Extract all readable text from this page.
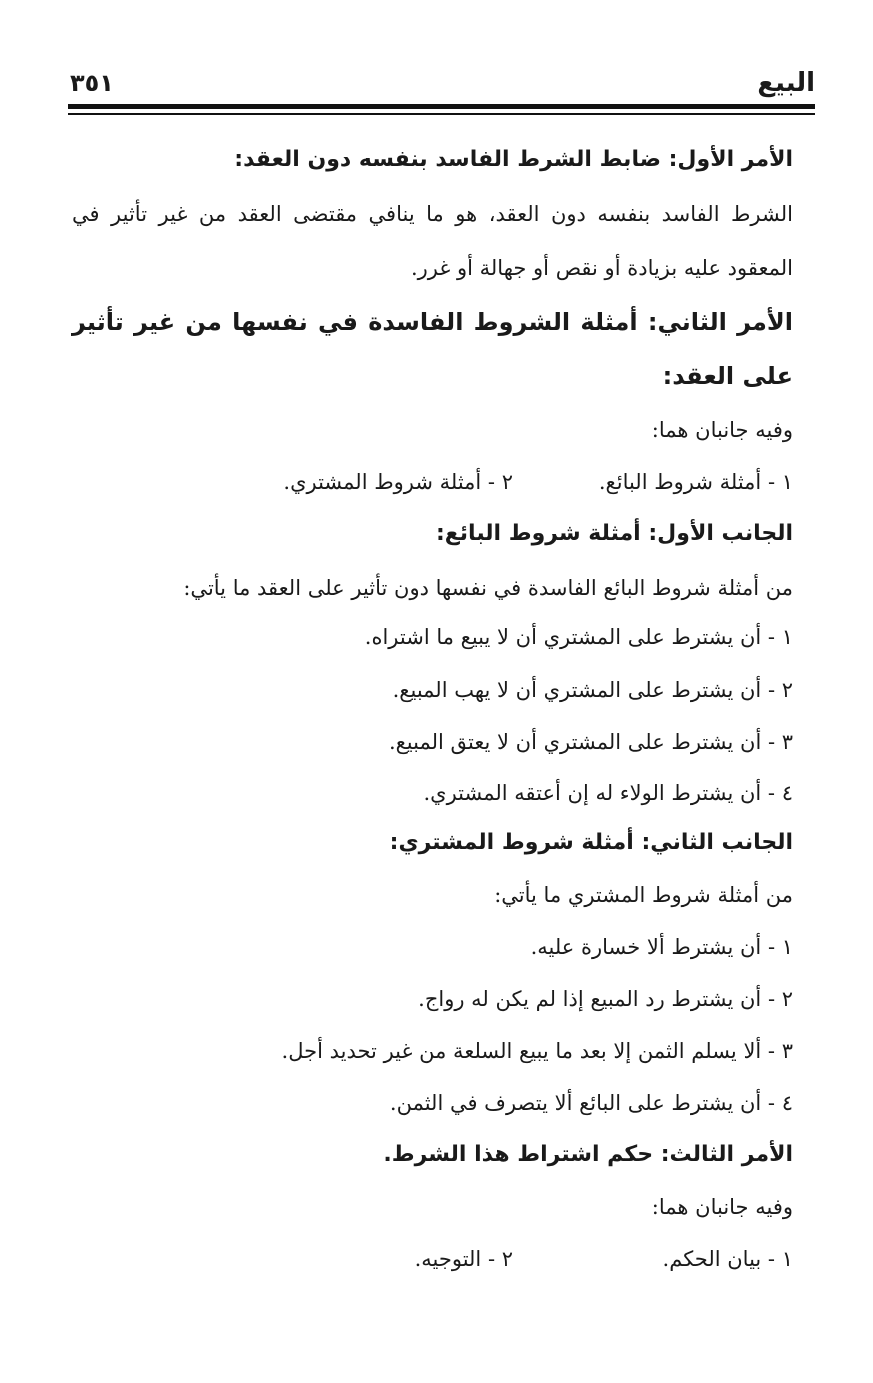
البيع
٣٥١
الأمر الأول: ضابط الشرط الفاسد بنفسه دون العقد:
الشرط الفاسد بنفسه دون العقد، هو ما ينافي مقتضى العقد من غير تأثير في
المعقود عليه بزيادة أو نقص أو جهالة أو غرر.
الأمر الثاني: أمثلة الشروط الفاسدة في نفسها من غير تأثير
على العقد:
وفيه جانبان هما:
١ - أمثلة شروط البائع.
٢ - أمثلة شروط المشتري.
الجانب الأول: أمثلة شروط البائع:
من أمثلة شروط البائع الفاسدة في نفسها دون تأثير على العقد ما يأتي:
١ - أن يشترط على المشتري أن لا يبيع ما اشتراه.
٢ - أن يشترط على المشتري أن لا يهب المبيع.
٣ - أن يشترط على المشتري أن لا يعتق المبيع.
٤ - أن يشترط الولاء له إن أعتقه المشتري.
الجانب الثاني: أمثلة شروط المشتري:
من أمثلة شروط المشتري ما يأتي:
١ - أن يشترط ألا خسارة عليه.
٢ - أن يشترط رد المبيع إذا لم يكن له رواج.
٣ - ألا يسلم الثمن إلا بعد ما يبيع السلعة من غير تحديد أجل.
٤ - أن يشترط على البائع ألا يتصرف في الثمن.
الأمر الثالث: حكم اشتراط هذا الشرط.
وفيه جانبان هما:
١ - بيان الحكم.
٢ - التوجيه.
